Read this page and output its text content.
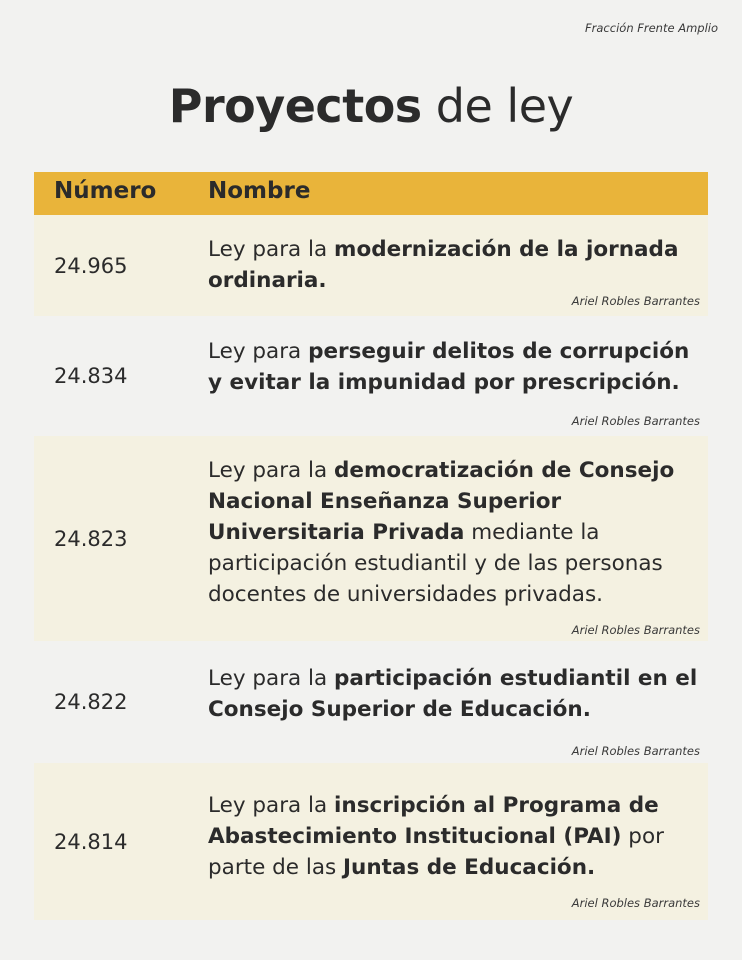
Fracción Frente Amplio
Proyectos de ley
Número Nombre
24.965
Ley para la modernización de la jornada ordinaria.
Ariel Robles Barrantes
24.834
Ley para perseguir delitos de corrupción y evitar la impunidad por prescripción.
Ariel Robles Barrantes
24.823
Ley para la democratización de Consejo Nacional Enseñanza Superior Universitaria Privada mediante la participación estudiantil y de las personas docentes de universidades privadas.
Ariel Robles Barrantes
24.822
Ley para la participación estudiantil en el Consejo Superior de Educación.
Ariel Robles Barrantes
24.814
Ley para la inscripción al Programa de Abastecimiento Institucional (PAI) por parte de las Juntas de Educación.
Ariel Robles Barrantes
